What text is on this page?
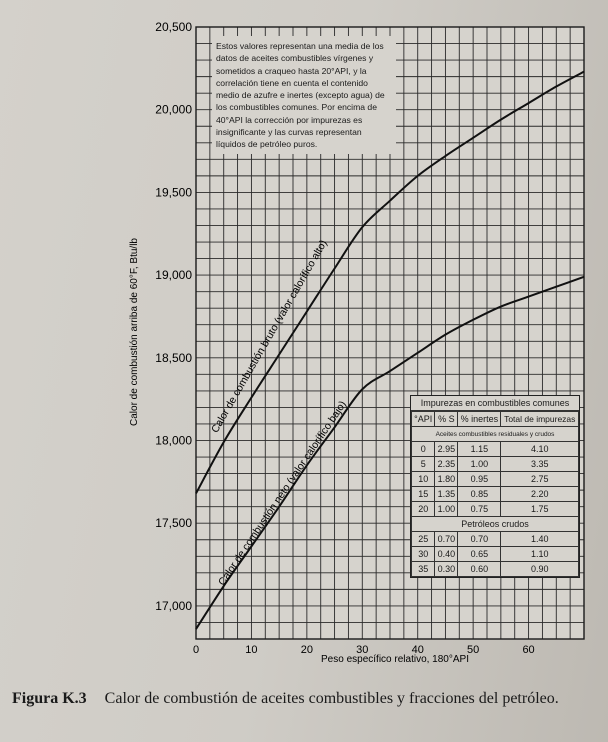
17,000
17,500
18,000
18,500
19,000
19,500
20,000
20,500
0	10	20	30	40	50	60
Calor de combustión arriba de 60°F, Btu/lb
Peso específico relativo, 180°API
Calor de combustión bruto (valor calorífico alto)
Calor de combustión neto (valor calorífico bajo)
Estos valores representan una media de los datos de aceites combustibles vírgenes y sometidos a craqueo hasta 20°API, y la correlación tiene en cuenta el contenido medio de azufre e inertes (excepto agua) de los combustibles comunes. Por encima de 40°API la corrección por impurezas es insignificante y las curvas representan líquidos de petróleo puros.
Impurezas en combustibles comunes
°API	% S	% inertes	Total de impurezas
Aceites combustibles residuales y crudos			
0	2.95	1.15	4.10
5	2.35	1.00	3.35
10	1.80	0.95	2.75
15	1.35	0.85	2.20
20	1.00	0.75	1.75
Petróleos crudos			
25	0.70	0.70	1.40
30	0.40	0.65	1.10
35	0.30	0.60	0.90
Figura K.3 Calor de combustión de aceites combustibles y fracciones del petróleo.
